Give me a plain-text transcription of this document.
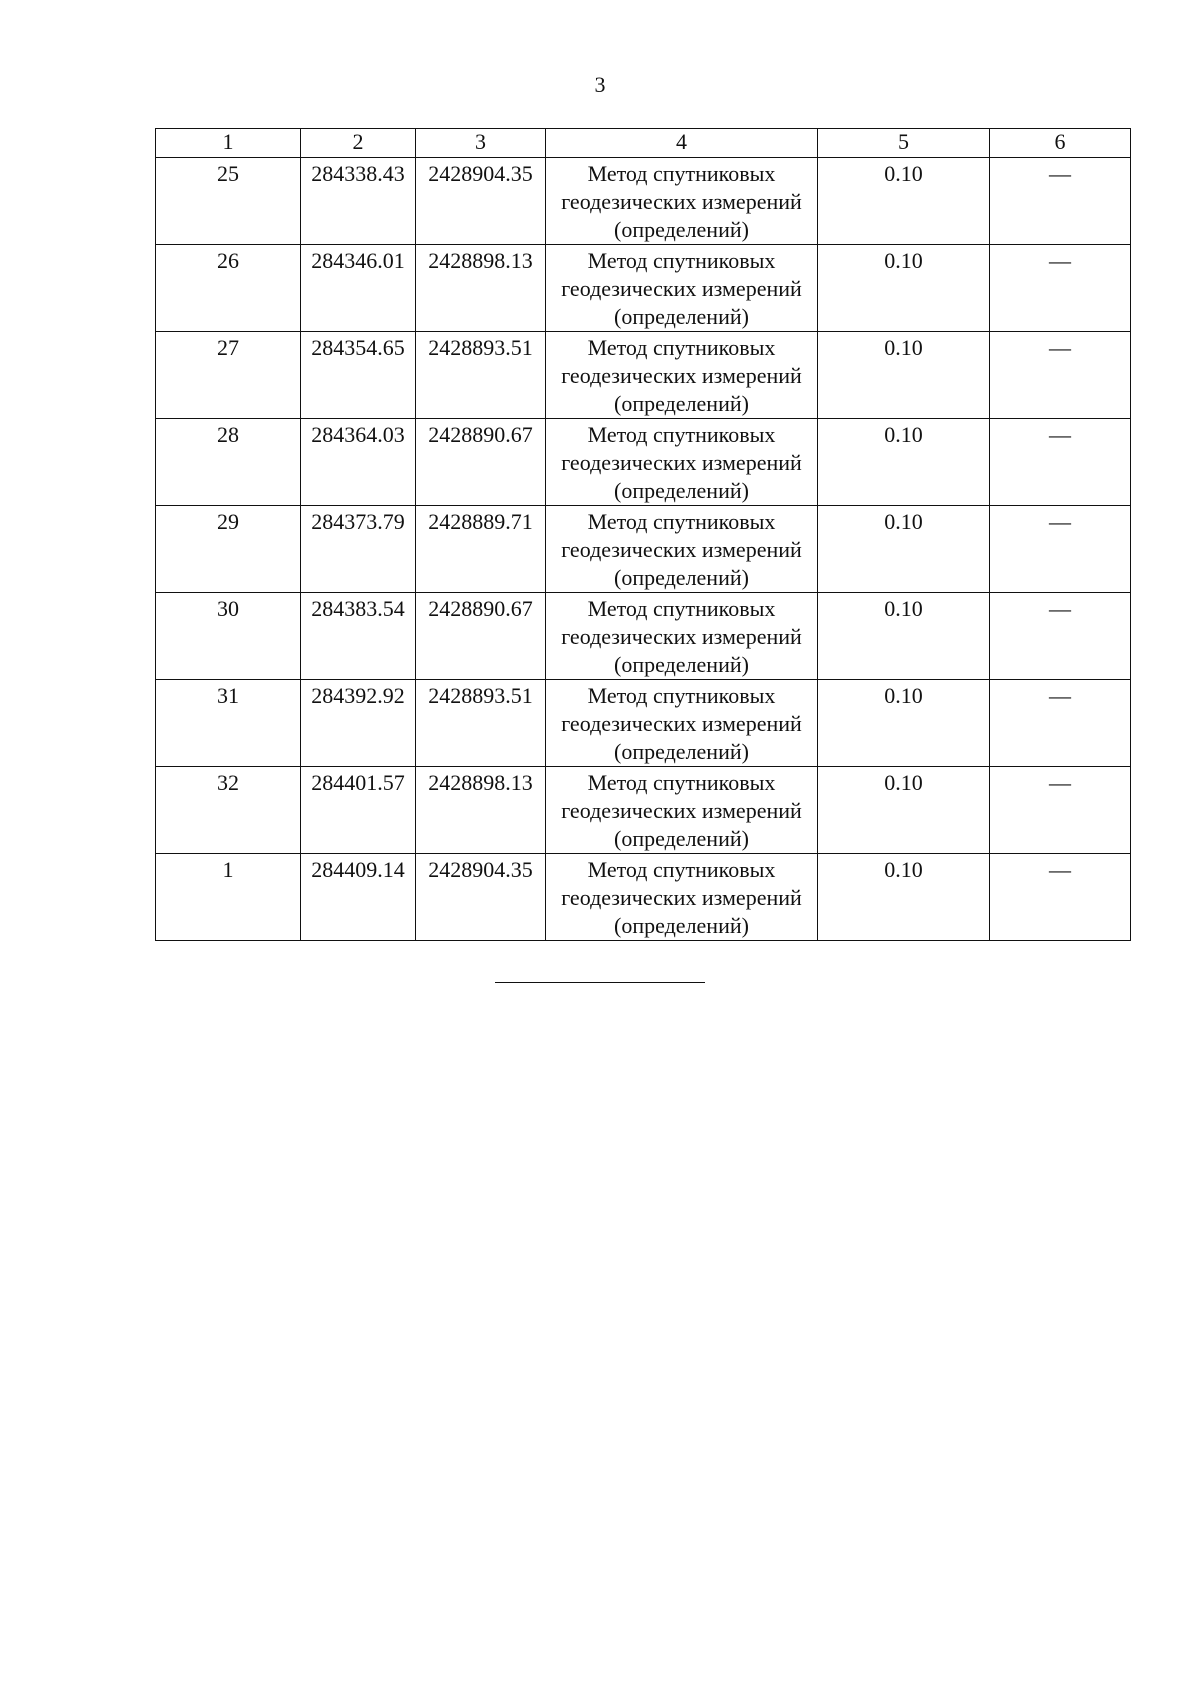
3
1	2	3	4	5	6
25	284338.43	2428904.35	Метод спутниковых
геодезических измерений
(определений)	0.10	—
26	284346.01	2428898.13	Метод спутниковых
геодезических измерений
(определений)	0.10	—
27	284354.65	2428893.51	Метод спутниковых
геодезических измерений
(определений)	0.10	—
28	284364.03	2428890.67	Метод спутниковых
геодезических измерений
(определений)	0.10	—
29	284373.79	2428889.71	Метод спутниковых
геодезических измерений
(определений)	0.10	—
30	284383.54	2428890.67	Метод спутниковых
геодезических измерений
(определений)	0.10	—
31	284392.92	2428893.51	Метод спутниковых
геодезических измерений
(определений)	0.10	—
32	284401.57	2428898.13	Метод спутниковых
геодезических измерений
(определений)	0.10	—
1	284409.14	2428904.35	Метод спутниковых
геодезических измерений
(определений)	0.10	—
